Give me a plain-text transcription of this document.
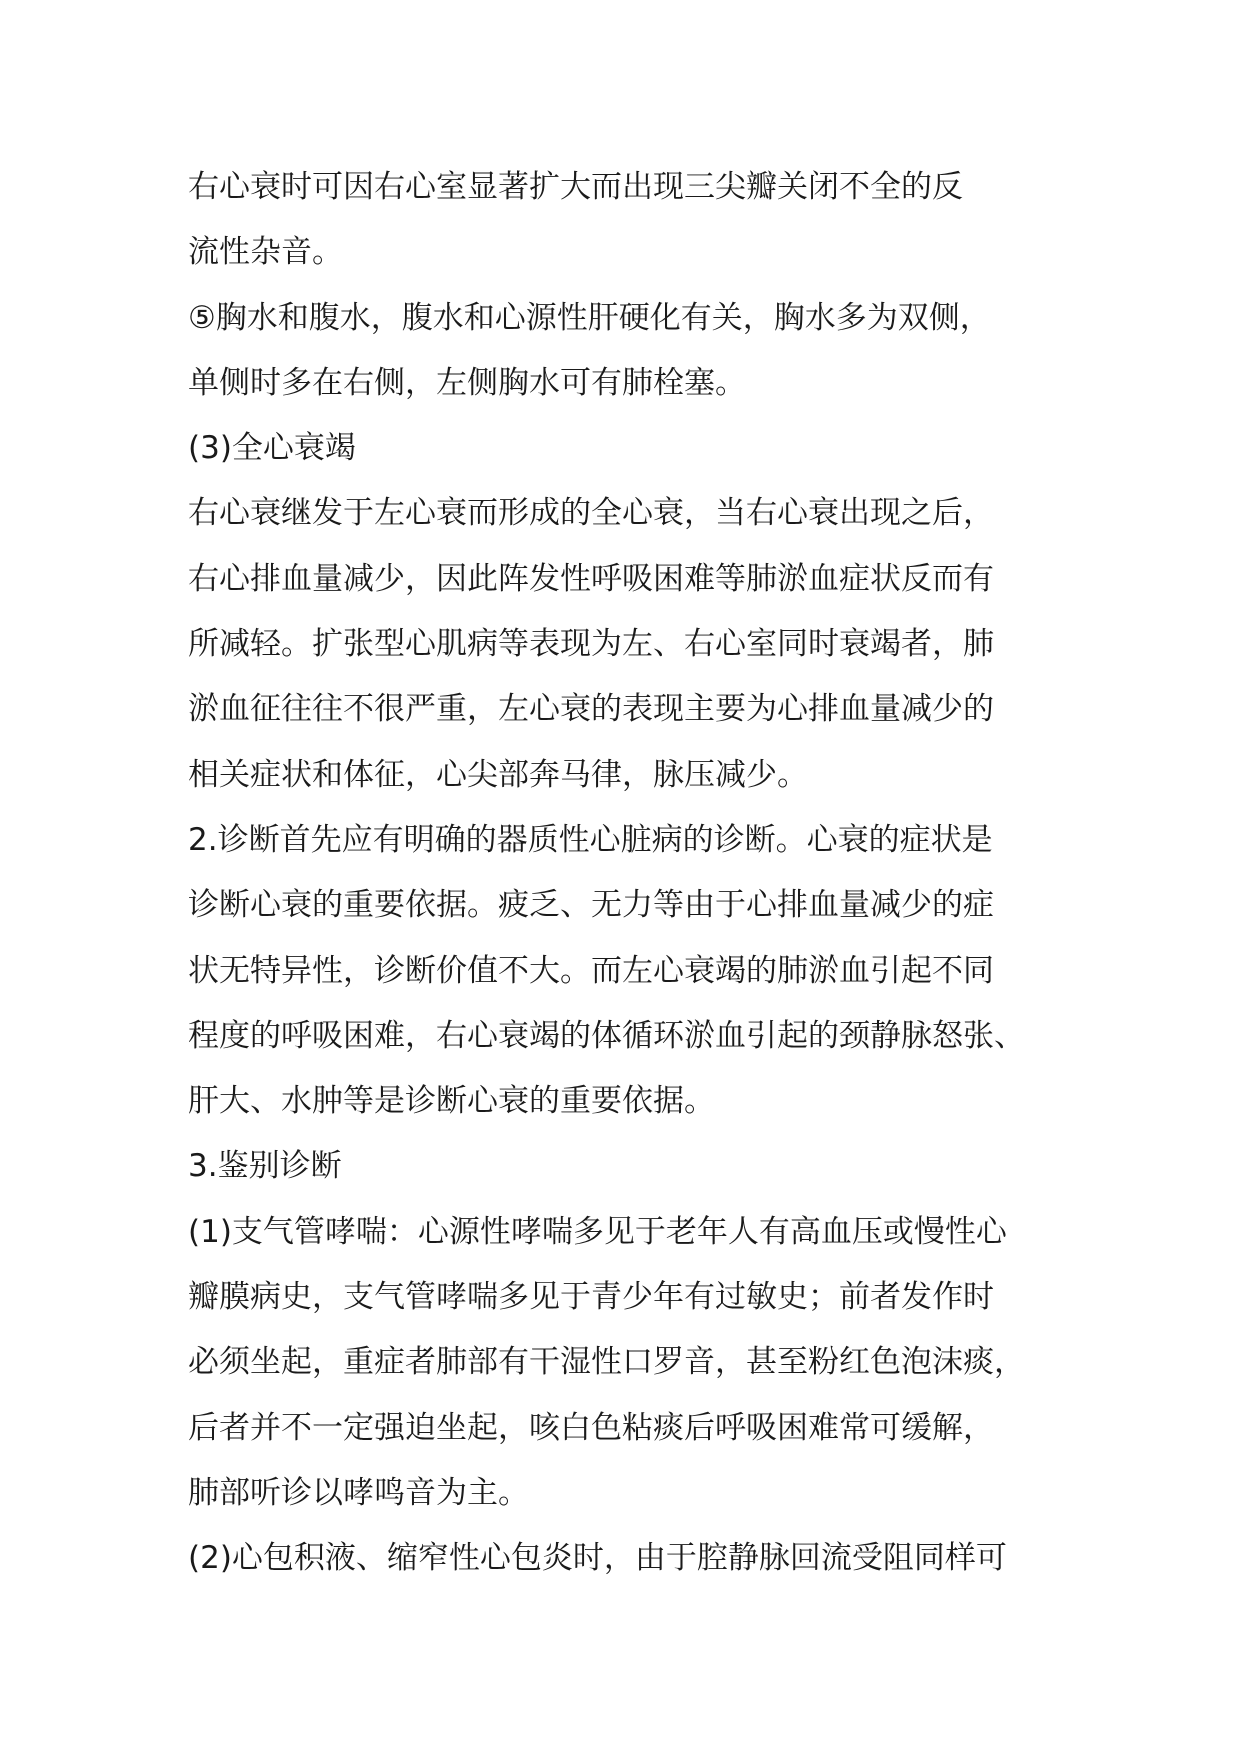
右心衰时可因右心室显著扩大而出现三尖瓣关闭不全的反
流性杂音。
⑤胸水和腹水，腹水和心源性肝硬化有关，胸水多为双侧，
单侧时多在右侧，左侧胸水可有肺栓塞。
(3)全心衰竭
右心衰继发于左心衰而形成的全心衰，当右心衰出现之后，
右心排血量减少，因此阵发性呼吸困难等肺淤血症状反而有
所减轻。扩张型心肌病等表现为左、右心室同时衰竭者，肺
淤血征往往不很严重，左心衰的表现主要为心排血量减少的
相关症状和体征，心尖部奔马律，脉压减少。
2.诊断首先应有明确的器质性心脏病的诊断。心衰的症状是
诊断心衰的重要依据。疲乏、无力等由于心排血量减少的症
状无特异性，诊断价值不大。而左心衰竭的肺淤血引起不同
程度的呼吸困难，右心衰竭的体循环淤血引起的颈静脉怒张、
肝大、水肿等是诊断心衰的重要依据。
3.鉴别诊断
(1)支气管哮喘：心源性哮喘多见于老年人有高血压或慢性心
瓣膜病史，支气管哮喘多见于青少年有过敏史；前者发作时
必须坐起，重症者肺部有干湿性口罗音，甚至粉红色泡沫痰，
后者并不一定强迫坐起，咳白色粘痰后呼吸困难常可缓解，
肺部听诊以哮鸣音为主。
(2)心包积液、缩窄性心包炎时，由于腔静脉回流受阻同样可
